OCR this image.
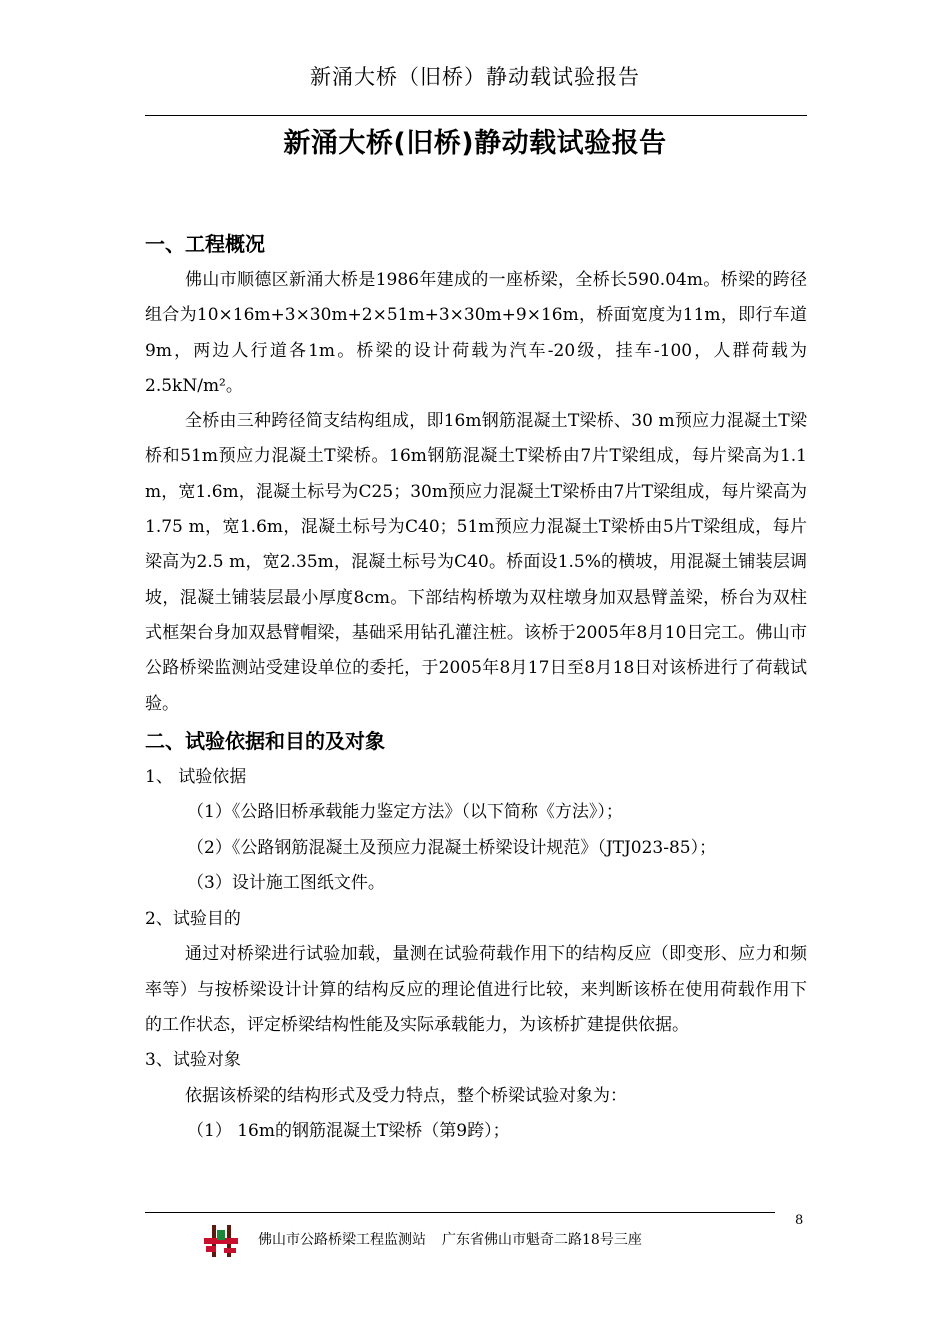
新涌大桥（旧桥）静动载试验报告
新涌大桥(旧桥)静动载试验报告

一、工程概况

佛山市顺德区新涌大桥是1986年建成的一座桥梁，全桥长590.04m。桥梁的跨径组合为10×16m+3×30m+2×51m+3×30m+9×16m，桥面宽度为11m，即行车道9m，两边人行道各1m。桥梁的设计荷载为汽车-20级，挂车-100，人群荷载为2.5kN/m²。

全桥由三种跨径简支结构组成，即16m钢筋混凝土T梁桥、30 m预应力混凝土T梁桥和51m预应力混凝土T梁桥。16m钢筋混凝土T梁桥由7片T梁组成，每片梁高为1.1 m，宽1.6m，混凝土标号为C25；30m预应力混凝土T梁桥由7片T梁组成，每片梁高为1.75 m，宽1.6m，混凝土标号为C40；51m预应力混凝土T梁桥由5片T梁组成，每片梁高为2.5 m，宽2.35m，混凝土标号为C40。桥面设1.5%的横坡，用混凝土铺装层调坡，混凝土铺装层最小厚度8cm。下部结构桥墩为双柱墩身加双悬臂盖梁，桥台为双柱式框架台身加双悬臂帽梁，基础采用钻孔灌注桩。该桥于2005年8月10日完工。佛山市公路桥梁监测站受建设单位的委托，于2005年8月17日至8月18日对该桥进行了荷载试验。

二、试验依据和目的及对象

1、 试验依据

（1）《公路旧桥承载能力鉴定方法》（以下简称《方法》）；

（2）《公路钢筋混凝土及预应力混凝土桥梁设计规范》（JTJ023-85）；

（3）设计施工图纸文件。

2、试验目的

通过对桥梁进行试验加载，量测在试验荷载作用下的结构反应（即变形、应力和频率等）与按桥梁设计计算的结构反应的理论值进行比较，来判断该桥在使用荷载作用下的工作状态，评定桥梁结构性能及实际承载能力，为该桥扩建提供依据。

3、试验对象

依据该桥梁的结构形式及受力特点，整个桥梁试验对象为：

（1） 16m的钢筋混凝土T梁桥（第9跨）；

8
佛山市公路桥梁工程监测站 广东省佛山市魁奇二路18号三座
